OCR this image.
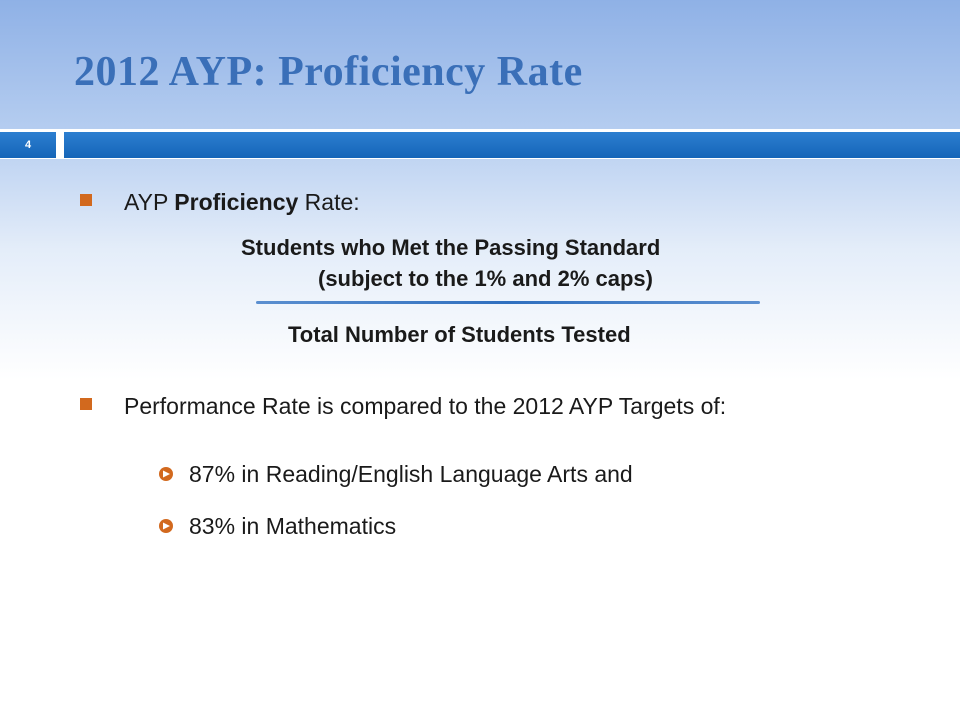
2012 AYP: Proficiency Rate
4
AYP Proficiency Rate:
Students who Met the Passing Standard
(subject to the 1% and 2% caps)
Total Number of Students Tested
Performance Rate is compared to the 2012 AYP Targets of:
87% in Reading/English Language Arts and
83% in Mathematics
